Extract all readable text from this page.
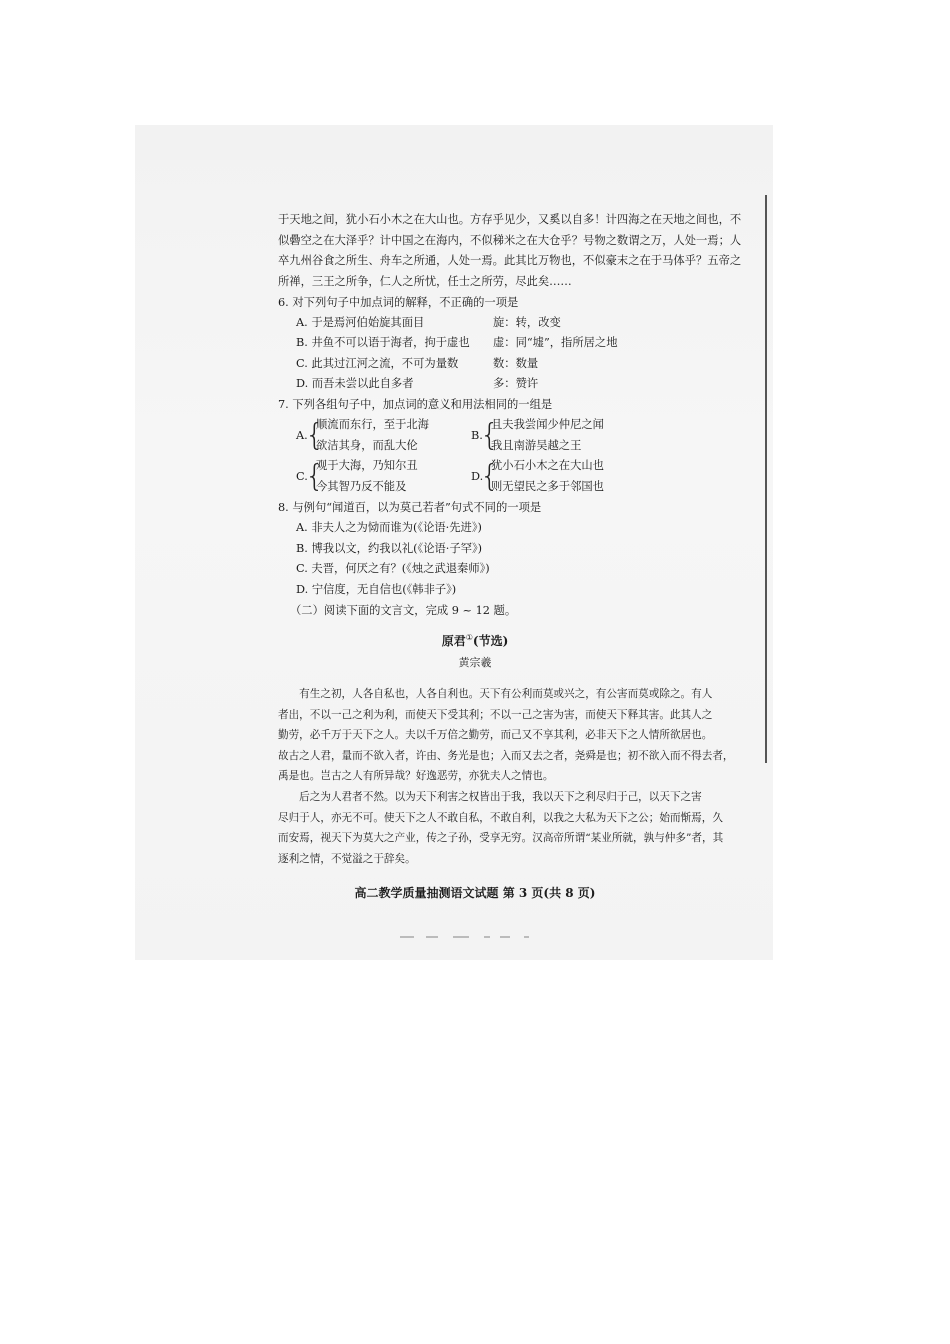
于天地之间，犹小石小木之在大山也。方存乎见少，又奚以自多！计四海之在天地之间也，不
似礨空之在大泽乎？计中国之在海内，不似稊米之在大仓乎？号物之数谓之万，人处一焉；人
卒九州谷食之所生、舟车之所通，人处一焉。此其比万物也，不似豪末之在于马体乎？五帝之
所禅，三王之所争，仁人之所忧，任士之所劳，尽此矣……
6. 对下列句子中加点词的解释，不正确的一项是
A. 于是焉河伯始旋其面目	旋：转，改变
B. 井鱼不可以语于海者，拘于虚也 虚：同“墟”，指所居之地
C. 此其过江河之流，不可为量数	数：数量
D. 而吾未尝以此自多者	多：赞许
7. 下列各组句子中，加点词的意义和用法相同的一组是
A.
{
顺流而东行，至于北海
欲洁其身，而乱大伦
B.
{
且夫我尝闻少仲尼之闻
我且南游吴越之王
C.
{
观于大海，乃知尔丑
今其智乃反不能及
D.
{
犹小石小木之在大山也
则无望民之多于邻国也
8. 与例句“闻道百，以为莫己若者”句式不同的一项是
A. 非夫人之为恸而谁为(《论语·先进》)
B. 博我以文，约我以礼(《论语·子罕》)
C. 夫晋，何厌之有？(《烛之武退秦师》)
D. 宁信度，无自信也(《韩非子》)
（二）阅读下面的文言文，完成 9 ~ 12 题。
原君①(节选)
黄宗羲
　　有生之初，人各自私也，人各自利也。天下有公利而莫或兴之，有公害而莫或除之。有人
者出，不以一己之利为利，而使天下受其利；不以一己之害为害，而使天下释其害。此其人之
勤劳，必千万于天下之人。夫以千万倍之勤劳，而己又不享其利，必非天下之人情所欲居也。
故古之人君，量而不欲入者，许由、务光是也；入而又去之者，尧舜是也；初不欲入而不得去者，
禹是也。岂古之人有所异哉？好逸恶劳，亦犹夫人之情也。
　　后之为人君者不然。以为天下利害之权皆出于我，我以天下之利尽归于己，以天下之害
尽归于人，亦无不可。使天下之人不敢自私，不敢自利，以我之大私为天下之公；始而惭焉，久
而安焉，视天下为莫大之产业，传之子孙，受享无穷。汉高帝所谓“某业所就，孰与仲多”者，其
逐利之情，不觉溢之于辞矣。
高二教学质量抽测语文试题 第 3 页(共 8 页)
